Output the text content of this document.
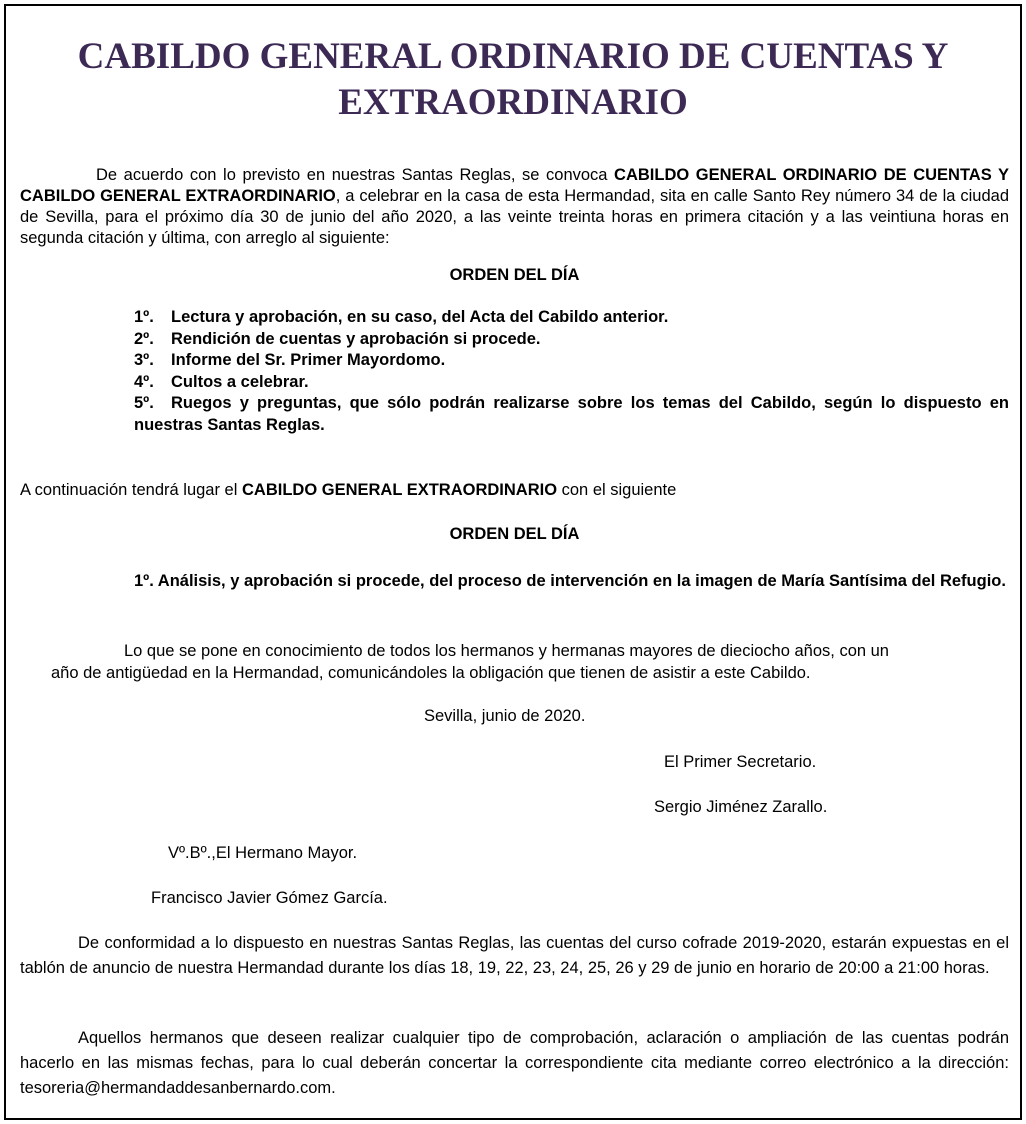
CABILDO GENERAL ORDINARIO DE CUENTAS Y EXTRAORDINARIO

De acuerdo con lo previsto en nuestras Santas Reglas, se convoca CABILDO GENERAL ORDINARIO DE CUENTAS Y CABILDO GENERAL EXTRAORDINARIO, a celebrar en la casa de esta Hermandad, sita en calle Santo Rey número 34 de la ciudad de Sevilla, para el próximo día 30 de junio del año 2020, a las veinte treinta horas en primera citación y a las veintiuna horas en segunda citación y última, con arreglo al siguiente:

ORDEN DEL DÍA

1º. Lectura y aprobación, en su caso, del Acta del Cabildo anterior.
2º. Rendición de cuentas y aprobación si procede.
3º. Informe del Sr. Primer Mayordomo.
4º. Cultos a celebrar.
5º. Ruegos y preguntas, que sólo podrán realizarse sobre los temas del Cabildo, según lo dispuesto en nuestras Santas Reglas.

A continuación tendrá lugar el CABILDO GENERAL EXTRAORDINARIO con el siguiente

ORDEN DEL DÍA

1º. Análisis, y aprobación si procede, del proceso de intervención en la imagen de María Santísima del Refugio.

Lo que se pone en conocimiento de todos los hermanos y hermanas mayores de dieciocho años, con un

año de antigüedad en la Hermandad, comunicándoles la obligación que tienen de asistir a este Cabildo.

Sevilla, junio de 2020.

El Primer Secretario.

Sergio Jiménez Zarallo.

Vº.Bº.,El Hermano Mayor.

Francisco Javier Gómez García.

De conformidad a lo dispuesto en nuestras Santas Reglas, las cuentas del curso cofrade 2019-2020, estarán expuestas en el tablón de anuncio de nuestra Hermandad durante los días 18, 19, 22, 23, 24, 25, 26 y 29 de junio en horario de 20:00 a 21:00 horas.

Aquellos hermanos que deseen realizar cualquier tipo de comprobación, aclaración o ampliación de las cuentas podrán hacerlo en las mismas fechas, para lo cual deberán concertar la correspondiente cita mediante correo electrónico a la dirección: tesoreria@hermandaddesanbernardo.com.
